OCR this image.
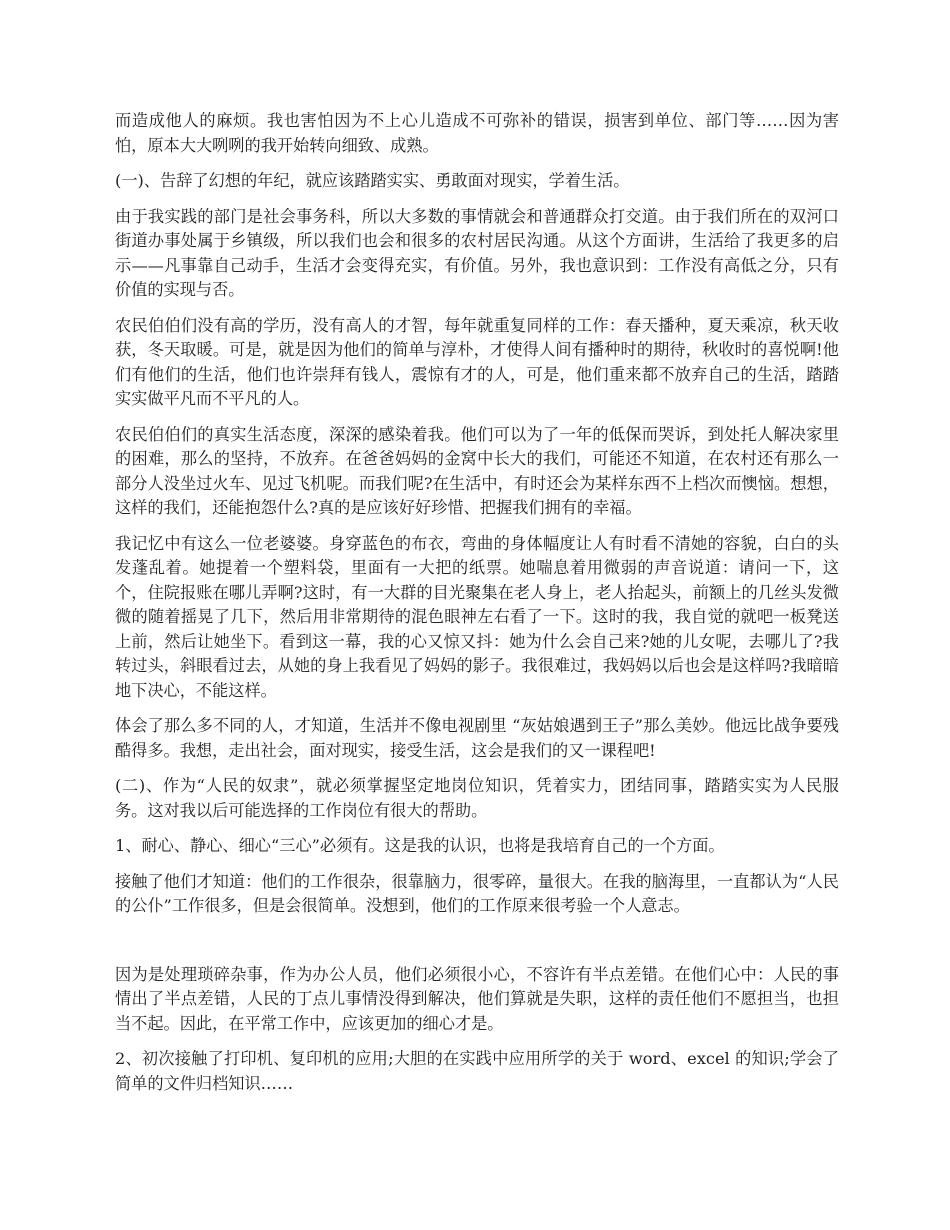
而造成他人的麻烦。我也害怕因为不上心儿造成不可弥补的错误，损害到单位、部门等……因为害怕，原本大大咧咧的我开始转向细致、成熟。

(一)、告辞了幻想的年纪，就应该踏踏实实、勇敢面对现实，学着生活。

由于我实践的部门是社会事务科，所以大多数的事情就会和普通群众打交道。由于我们所在的双河口街道办事处属于乡镇级，所以我们也会和很多的农村居民沟通。从这个方面讲，生活给了我更多的启示——凡事靠自己动手，生活才会变得充实，有价值。另外，我也意识到：工作没有高低之分，只有价值的实现与否。

农民伯伯们没有高的学历，没有高人的才智，每年就重复同样的工作：春天播种，夏天乘凉，秋天收获，冬天取暖。可是，就是因为他们的简单与淳朴，才使得人间有播种时的期待，秋收时的喜悦啊!他们有他们的生活，他们也许崇拜有钱人，震惊有才的人，可是，他们重来都不放弃自己的生活，踏踏实实做平凡而不平凡的人。

农民伯伯们的真实生活态度，深深的感染着我。他们可以为了一年的低保而哭诉，到处托人解决家里的困难，那么的坚持，不放弃。在爸爸妈妈的金窝中长大的我们，可能还不知道，在农村还有那么一部分人没坐过火车、见过飞机呢。而我们呢?在生活中，有时还会为某样东西不上档次而懊恼。想想，这样的我们，还能抱怨什么?真的是应该好好珍惜、把握我们拥有的幸福。

我记忆中有这么一位老婆婆。身穿蓝色的布衣，弯曲的身体幅度让人有时看不清她的容貌，白白的头发蓬乱着。她提着一个塑料袋，里面有一大把的纸票。她喘息着用微弱的声音说道：请问一下，这个，住院报账在哪儿弄啊?这时，有一大群的目光聚集在老人身上，老人抬起头，前额上的几丝头发微微的随着摇晃了几下，然后用非常期待的混色眼神左右看了一下。这时的我，我自觉的就吧一板凳送上前，然后让她坐下。看到这一幕，我的心又惊又抖：她为什么会自己来?她的儿女呢，去哪儿了?我转过头，斜眼看过去，从她的身上我看见了妈妈的影子。我很难过，我妈妈以后也会是这样吗?我暗暗地下决心，不能这样。

体会了那么多不同的人，才知道，生活并不像电视剧里 “灰姑娘遇到王子”那么美妙。他远比战争要残酷得多。我想，走出社会，面对现实，接受生活，这会是我们的又一课程吧!

(二)、作为“人民的奴隶”，就必须掌握坚定地岗位知识，凭着实力，团结同事，踏踏实实为人民服务。这对我以后可能选择的工作岗位有很大的帮助。

1、耐心、静心、细心“三心”必须有。这是我的认识，也将是我培育自己的一个方面。

接触了他们才知道：他们的工作很杂，很靠脑力，很零碎，量很大。在我的脑海里，一直都认为“人民的公仆”工作很多，但是会很简单。没想到，他们的工作原来很考验一个人意志。

因为是处理琐碎杂事，作为办公人员，他们必须很小心，不容许有半点差错。在他们心中：人民的事情出了半点差错，人民的丁点儿事情没得到解决，他们算就是失职，这样的责任他们不愿担当，也担当不起。因此，在平常工作中，应该更加的细心才是。

2、初次接触了打印机、复印机的应用;大胆的在实践中应用所学的关于 word、excel 的知识;学会了简单的文件归档知识……
